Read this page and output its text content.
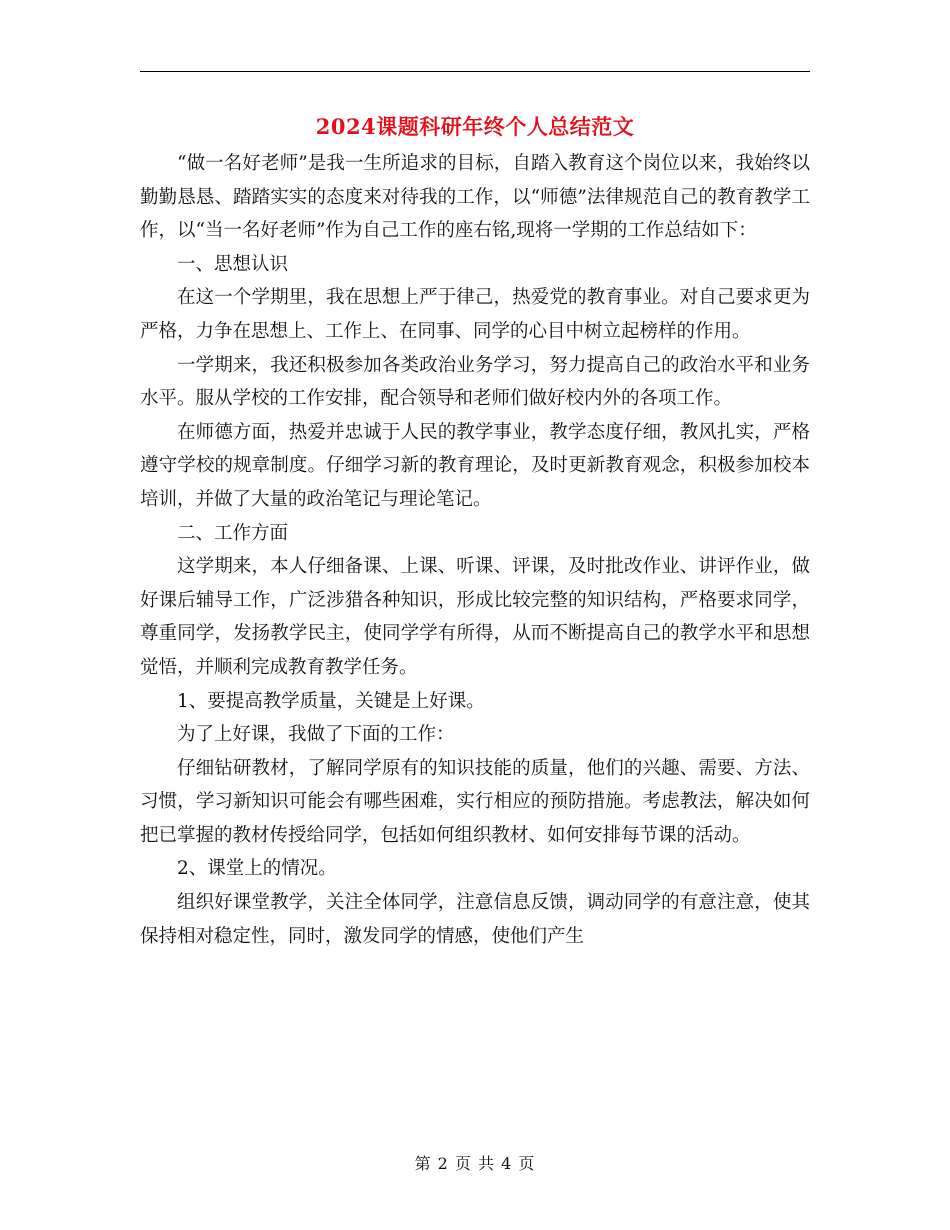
2024课题科研年终个人总结范文

“做一名好老师”是我一生所追求的目标，自踏入教育这个岗位以来，我始终以勤勤恳恳、踏踏实实的态度来对待我的工作，以“师德”法律规范自己的教育教学工作，以“当一名好老师”作为自己工作的座右铭,现将一学期的工作总结如下：

一、思想认识

在这一个学期里，我在思想上严于律己，热爱党的教育事业。对自己要求更为严格，力争在思想上、工作上、在同事、同学的心目中树立起榜样的作用。

一学期来，我还积极参加各类政治业务学习，努力提高自己的政治水平和业务水平。服从学校的工作安排，配合领导和老师们做好校内外的各项工作。

在师德方面，热爱并忠诚于人民的教学事业，教学态度仔细，教风扎实，严格遵守学校的规章制度。仔细学习新的教育理论，及时更新教育观念，积极参加校本培训，并做了大量的政治笔记与理论笔记。

二、工作方面

这学期来，本人仔细备课、上课、听课、评课，及时批改作业、讲评作业，做好课后辅导工作，广泛涉猎各种知识，形成比较完整的知识结构，严格要求同学，尊重同学，发扬教学民主，使同学学有所得，从而不断提高自己的教学水平和思想觉悟，并顺利完成教育教学任务。

1、要提高教学质量，关键是上好课。

为了上好课，我做了下面的工作：

仔细钻研教材，了解同学原有的知识技能的质量，他们的兴趣、需要、方法、习惯，学习新知识可能会有哪些困难，实行相应的预防措施。考虑教法，解决如何把已掌握的教材传授给同学，包括如何组织教材、如何安排每节课的活动。

2、课堂上的情况。

组织好课堂教学，关注全体同学，注意信息反馈，调动同学的有意注意，使其保持相对稳定性，同时，激发同学的情感，使他们产生

第 2 页 共 4 页
